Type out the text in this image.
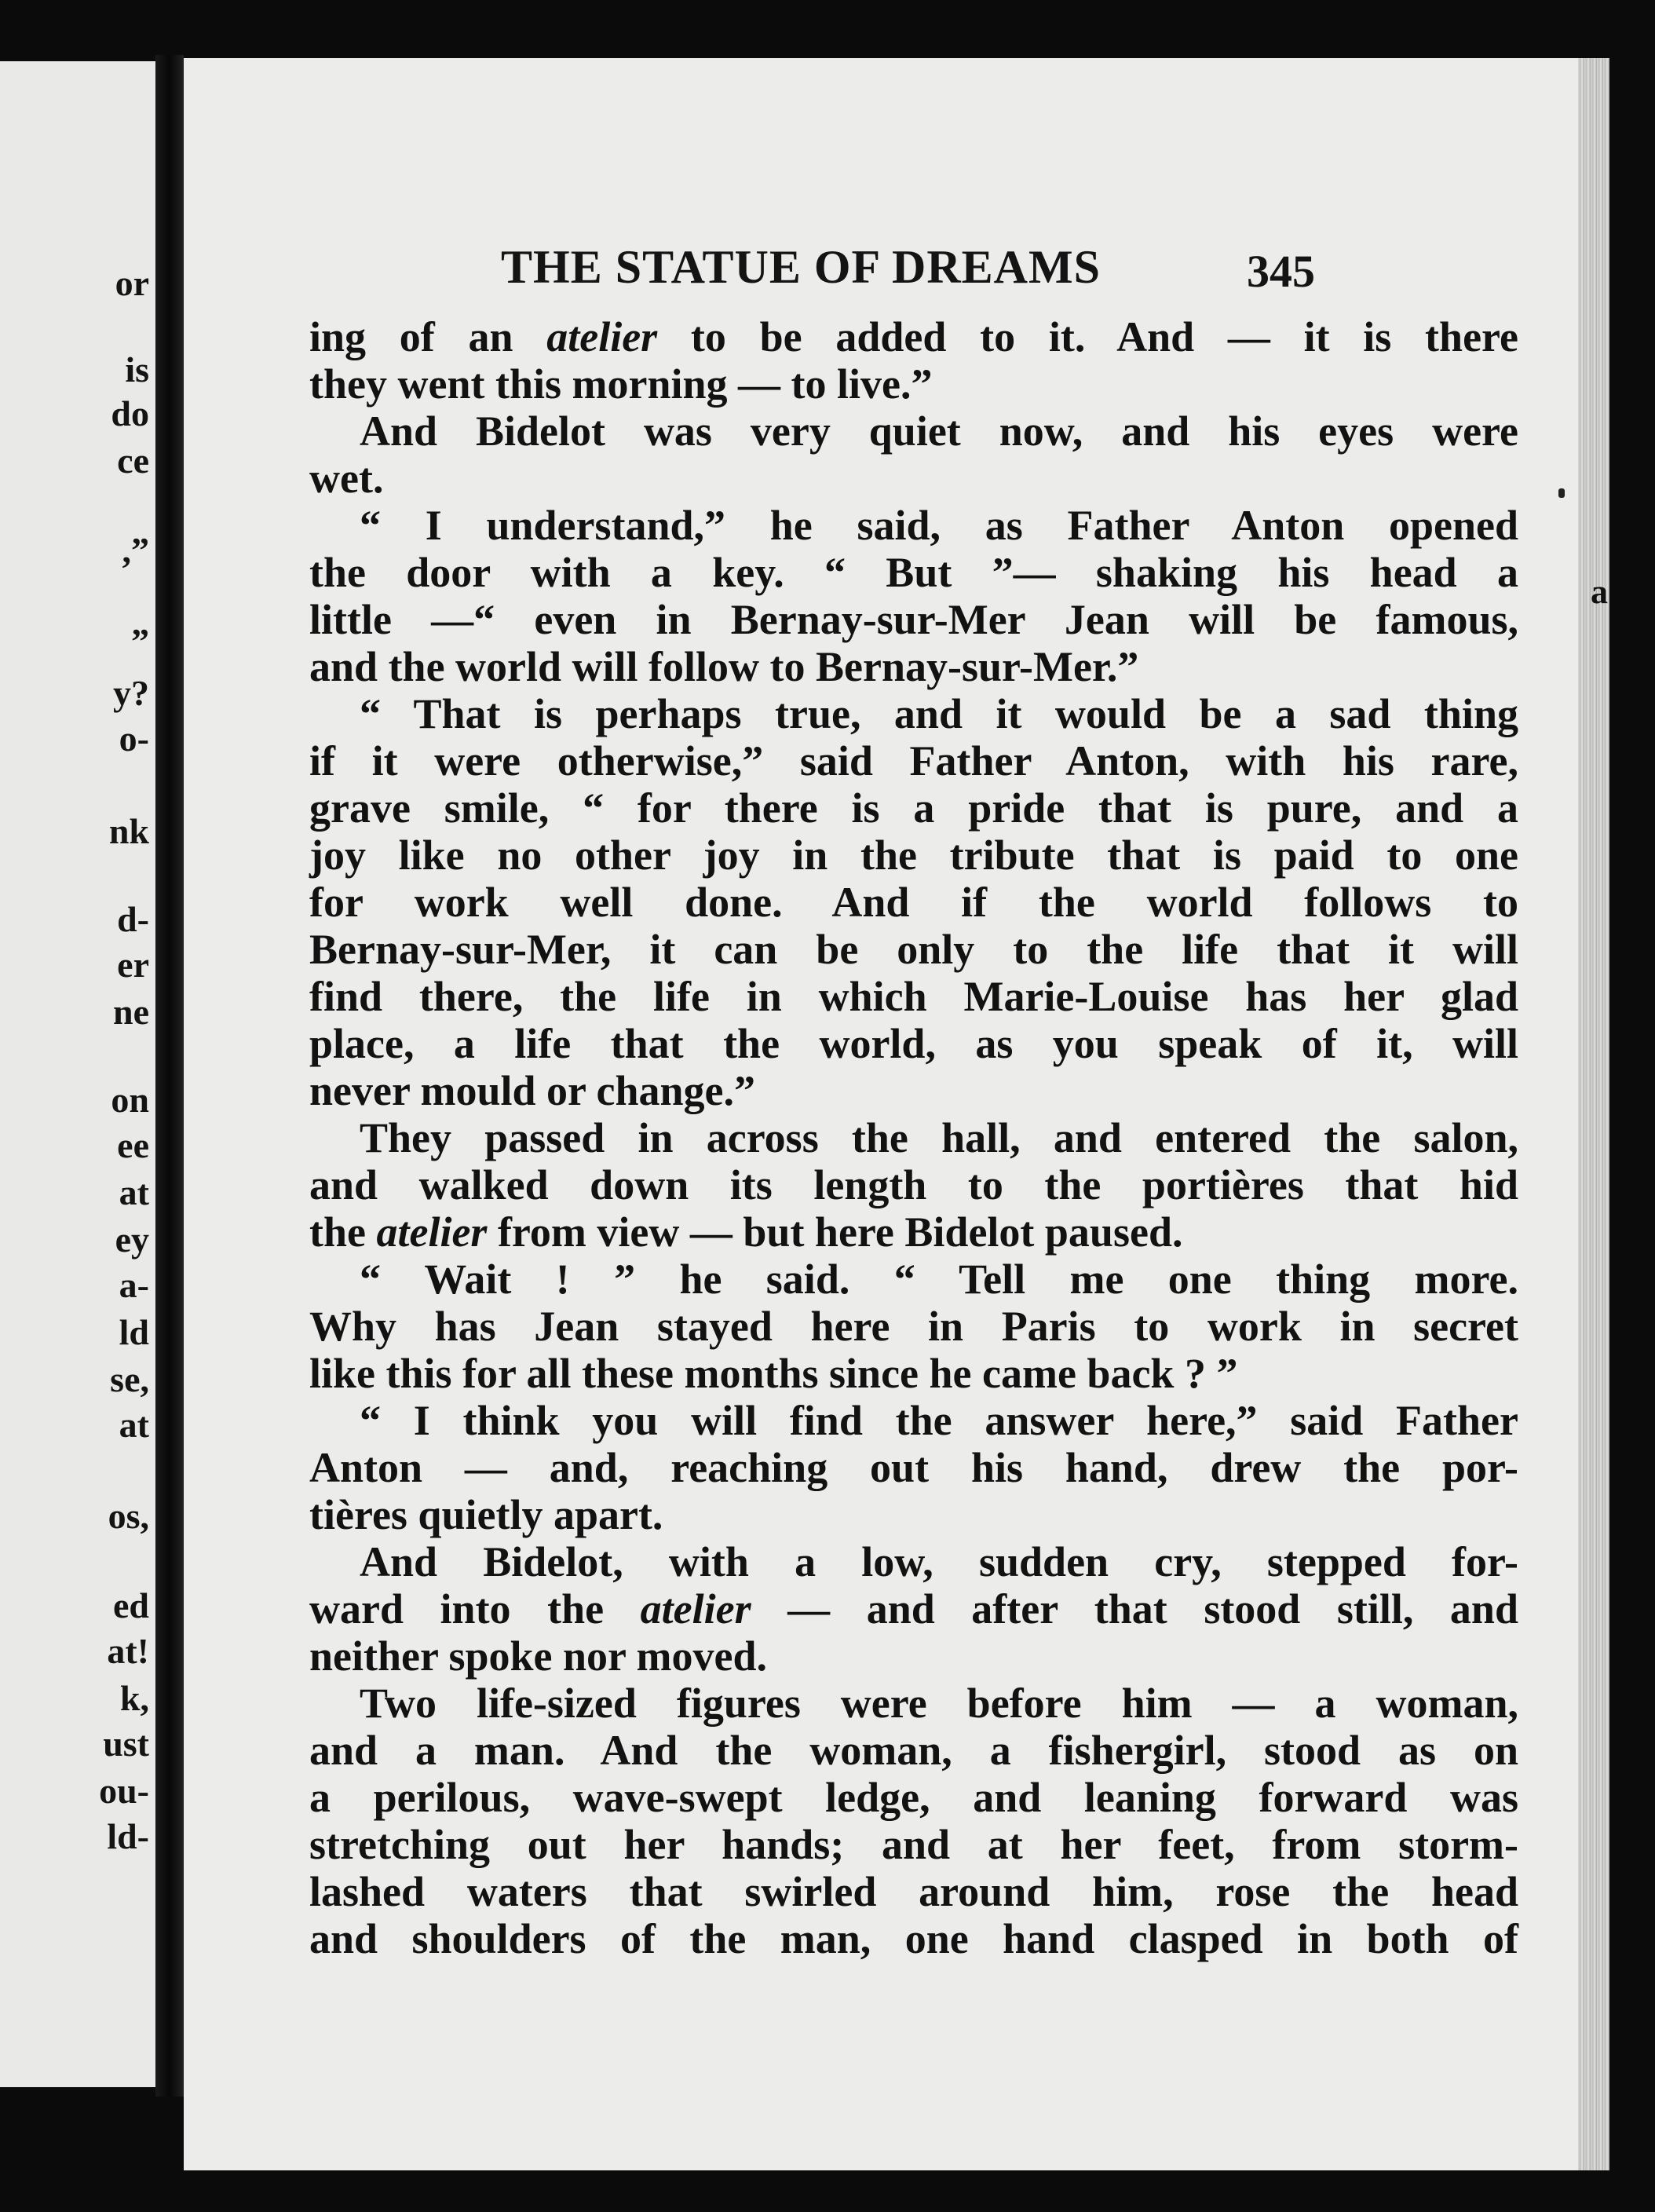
or
is
do
ce
,”
”
y?
o-
nk
d-
er
ne
on
ee
at
ey
a-
ld
se,
at
os,
ed
at!
k,
ust
ou-
ld-
THE STATUE OF DREAMS	345
ing of an atelier to be added to it. And — it is there
they went this morning — to live.”
And Bidelot was very quiet now, and his eyes were
wet.
“ I understand,” he said, as Father Anton opened
the door with a key. “ But ”— shaking his head a
little —“ even in Bernay-sur-Mer Jean will be famous,
and the world will follow to Bernay-sur-Mer.”
“ That is perhaps true, and it would be a sad thing
if it were otherwise,” said Father Anton, with his rare,
grave smile, “ for there is a pride that is pure, and a
joy like no other joy in the tribute that is paid to one
for work well done. And if the world follows to
Bernay-sur-Mer, it can be only to the life that it will
find there, the life in which Marie-Louise has her glad
place, a life that the world, as you speak of it, will
never mould or change.”
They passed in across the hall, and entered the salon,
and walked down its length to the portières that hid
the atelier from view — but here Bidelot paused.
“ Wait ! ” he said. “ Tell me one thing more.
Why has Jean stayed here in Paris to work in secret
like this for all these months since he came back ? ”
“ I think you will find the answer here,” said Father
Anton — and, reaching out his hand, drew the por-
tières quietly apart.
And Bidelot, with a low, sudden cry, stepped for-
ward into the atelier — and after that stood still, and
neither spoke nor moved.
Two life-sized figures were before him — a woman,
and a man. And the woman, a fishergirl, stood as on
a perilous, wave-swept ledge, and leaning forward was
stretching out her hands; and at her feet, from storm-
lashed waters that swirled around him, rose the head
and shoulders of the man, one hand clasped in both of
a
